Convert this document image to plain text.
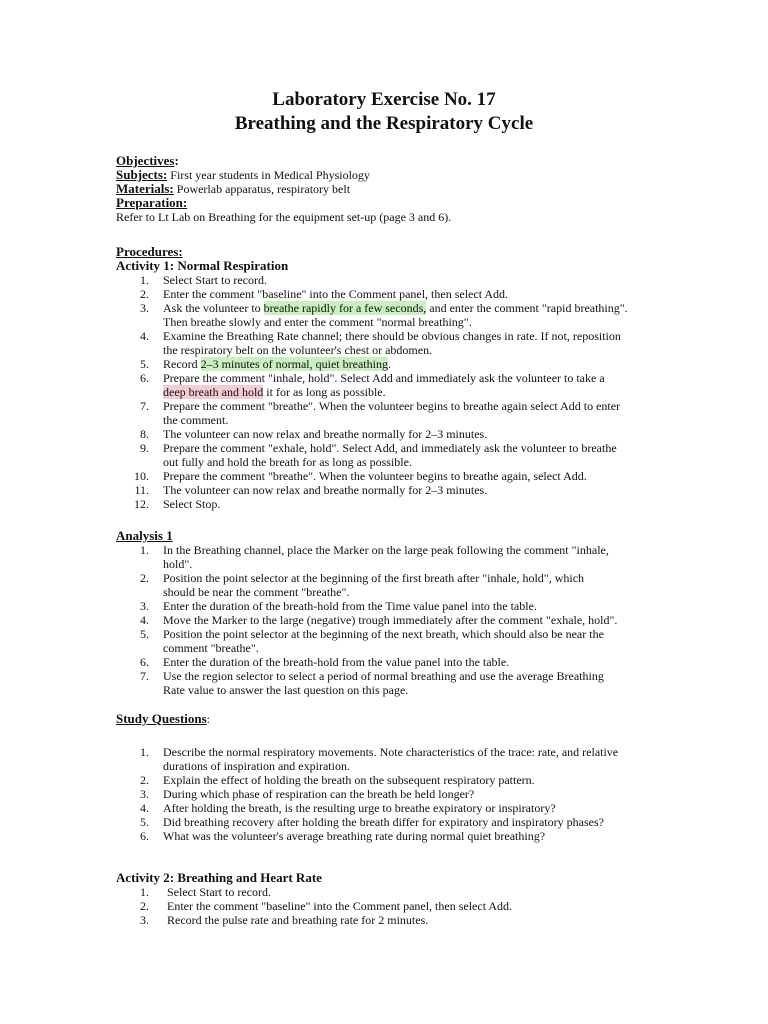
Laboratory Exercise No. 17
Breathing and the Respiratory Cycle
Objectives:
Subjects: First year students in Medical Physiology
Materials: Powerlab apparatus, respiratory belt
Preparation:
Refer to Lt Lab on Breathing for the equipment set-up (page 3 and 6).
Procedures:
Activity 1: Normal Respiration
1. Select Start to record.
2. Enter the comment "baseline" into the Comment panel, then select Add.
3. Ask the volunteer to breathe rapidly for a few seconds, and enter the comment "rapid breathing".
Then breathe slowly and enter the comment "normal breathing".
4. Examine the Breathing Rate channel; there should be obvious changes in rate. If not, reposition
the respiratory belt on the volunteer's chest or abdomen.
5. Record 2–3 minutes of normal, quiet breathing.
6. Prepare the comment "inhale, hold". Select Add and immediately ask the volunteer to take a
deep breath and hold it for as long as possible.
7. Prepare the comment "breathe". When the volunteer begins to breathe again select Add to enter
the comment.
8. The volunteer can now relax and breathe normally for 2–3 minutes.
9. Prepare the comment "exhale, hold". Select Add, and immediately ask the volunteer to breathe
out fully and hold the breath for as long as possible.
10. Prepare the comment "breathe". When the volunteer begins to breathe again, select Add.
11. The volunteer can now relax and breathe normally for 2–3 minutes.
12. Select Stop.
Analysis 1
1. In the Breathing channel, place the Marker on the large peak following the comment "inhale,
hold".
2. Position the point selector at the beginning of the first breath after "inhale, hold", which
should be near the comment "breathe".
3. Enter the duration of the breath-hold from the Time value panel into the table.
4. Move the Marker to the large (negative) trough immediately after the comment "exhale, hold".
5. Position the point selector at the beginning of the next breath, which should also be near the
comment "breathe".
6. Enter the duration of the breath-hold from the value panel into the table.
7. Use the region selector to select a period of normal breathing and use the average Breathing
Rate value to answer the last question on this page.
Study Questions:
1. Describe the normal respiratory movements. Note characteristics of the trace: rate, and relative
durations of inspiration and expiration.
2. Explain the effect of holding the breath on the subsequent respiratory pattern.
3. During which phase of respiration can the breath be held longer?
4. After holding the breath, is the resulting urge to breathe expiratory or inspiratory?
5. Did breathing recovery after holding the breath differ for expiratory and inspiratory phases?
6. What was the volunteer's average breathing rate during normal quiet breathing?
Activity 2: Breathing and Heart Rate
1. Select Start to record.
2. Enter the comment "baseline" into the Comment panel, then select Add.
3. Record the pulse rate and breathing rate for 2 minutes.
